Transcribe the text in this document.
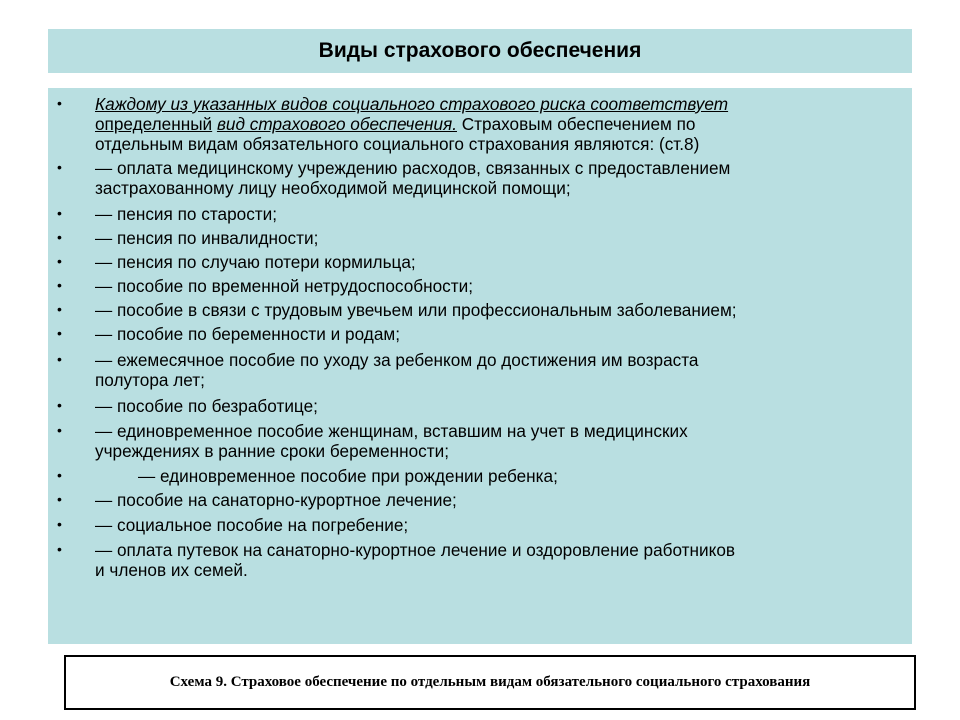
Виды страхового обеспечения
• Каждому из указанных видов социального страхового риска соответствует
определенный вид страхового обеспечения. Страховым обеспечением по
отдельным видам обязательного социального страхования являются: (ст.8)
• — оплата медицинскому учреждению расходов, связанных с предоставлением
застрахованному лицу необходимой медицинской помощи;
• — пенсия по старости;
• — пенсия по инвалидности;
• — пенсия по случаю потери кормильца;
• — пособие по временной нетрудоспособности;
• — пособие в связи с трудовым увечьем или профессиональным заболеванием;
• — пособие по беременности и родам;
• — ежемесячное пособие по уходу за ребенком до достижения им возраста
полутора лет;
• — пособие по безработице;
• — единовременное пособие женщинам, вставшим на учет в медицинских
учреждениях в ранние сроки беременности;
•	— единовременное пособие при рождении ребенка;
• — пособие на санаторно-курортное лечение;
• — социальное пособие на погребение;
• — оплата путевок на санаторно-курортное лечение и оздоровление работников
и членов их семей.
Схема 9. Страховое обеспечение по отдельным видам обязательного социального страхования
